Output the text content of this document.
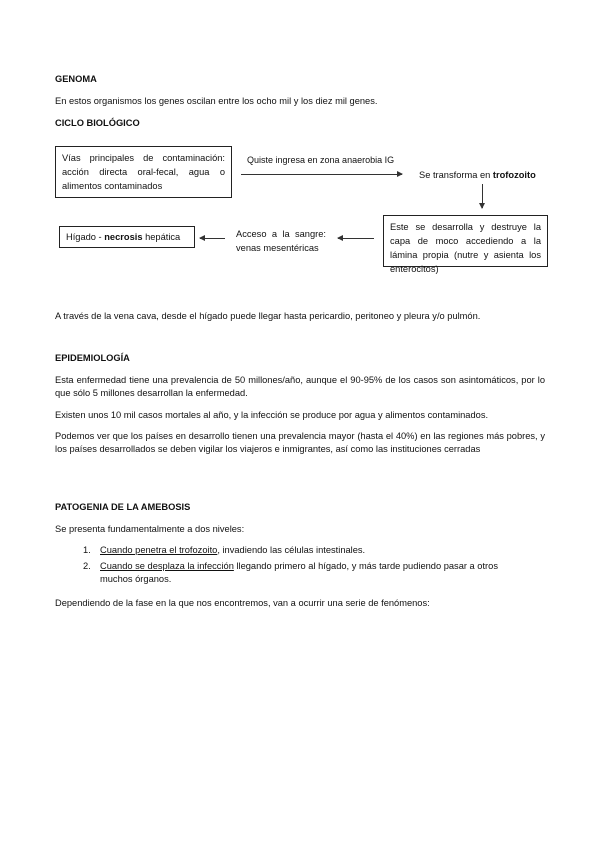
GENOMA
En estos organismos los genes oscilan entre los ocho mil y los diez mil genes.
CICLO BIOLÓGICO
Vías principales de contaminación: acción directa oral-fecal, agua o alimentos contaminados
Quiste ingresa en zona anaerobia IG
Se transforma en trofozoito
Este se desarrolla y destruye la capa de moco accediendo a la lámina propia (nutre y asienta los enterocitos)
Acceso a la sangre: venas mesentéricas
Hígado - necrosis hepática
A través de la vena cava, desde el hígado puede llegar hasta pericardio, peritoneo y pleura y/o pulmón.
EPIDEMIOLOGÍA
Esta enfermedad tiene una prevalencia de 50 millones/año, aunque el 90-95% de los casos son asintomáticos, por lo que sólo 5 millones desarrollan la enfermedad.
Existen unos 10 mil casos mortales al año, y la infección se produce por agua y alimentos contaminados.
Podemos ver que los países en desarrollo tienen una prevalencia mayor (hasta el 40%) en las regiones más pobres, y los países desarrollados se deben vigilar los viajeros e inmigrantes, así como las instituciones cerradas
PATOGENIA DE LA AMEBOSIS
Se presenta fundamentalmente a dos niveles:
1. Cuando penetra el trofozoito, invadiendo las células intestinales.
2. Cuando se desplaza la infección llegando primero al hígado, y más tarde pudiendo pasar a otros muchos órganos.
Dependiendo de la fase en la que nos encontremos, van a ocurrir una serie de fenómenos:
